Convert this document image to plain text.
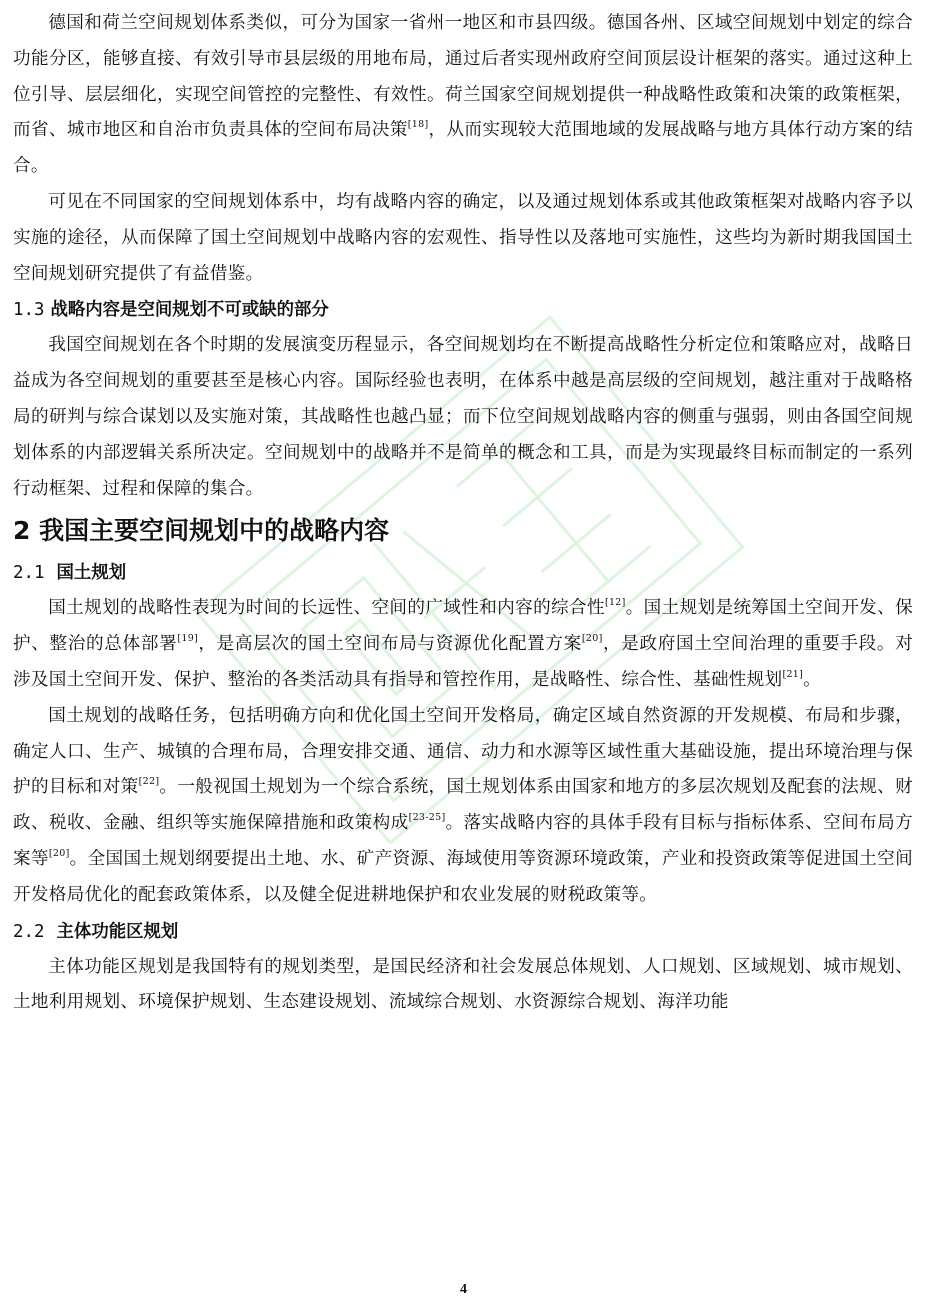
德国和荷兰空间规划体系类似，可分为国家一省州一地区和市县四级。德国各州、区域空间规划中划定的综合功能分区，能够直接、有效引导市县层级的用地布局，通过后者实现州政府空间顶层设计框架的落实。通过这种上位引导、层层细化，实现空间管控的完整性、有效性。荷兰国家空间规划提供一种战略性政策和决策的政策框架，而省、城市地区和自治市负责具体的空间布局决策[18]，从而实现较大范围地域的发展战略与地方具体行动方案的结合。

可见在不同国家的空间规划体系中，均有战略内容的确定，以及通过规划体系或其他政策框架对战略内容予以实施的途径，从而保障了国土空间规划中战略内容的宏观性、指导性以及落地可实施性，这些均为新时期我国国土空间规划研究提供了有益借鉴。

1.3 战略内容是空间规划不可或缺的部分

我国空间规划在各个时期的发展演变历程显示，各空间规划均在不断提高战略性分析定位和策略应对，战略日益成为各空间规划的重要甚至是核心内容。国际经验也表明，在体系中越是高层级的空间规划，越注重对于战略格局的研判与综合谋划以及实施对策，其战略性也越凸显；而下位空间规划战略内容的侧重与强弱，则由各国空间规划体系的内部逻辑关系所决定。空间规划中的战略并不是简单的概念和工具，而是为实现最终目标而制定的一系列行动框架、过程和保障的集合。

2 我国主要空间规划中的战略内容
2.1 国土规划

国土规划的战略性表现为时间的长远性、空间的广域性和内容的综合性[12]。国土规划是统筹国土空间开发、保护、整治的总体部署[19]，是高层次的国土空间布局与资源优化配置方案[20]，是政府国土空间治理的重要手段。对涉及国土空间开发、保护、整治的各类活动具有指导和管控作用，是战略性、综合性、基础性规划[21]。

国土规划的战略任务，包括明确方向和优化国土空间开发格局，确定区域自然资源的开发规模、布局和步骤，确定人口、生产、城镇的合理布局，合理安排交通、通信、动力和水源等区域性重大基础设施，提出环境治理与保护的目标和对策[22]。一般视国土规划为一个综合系统，国土规划体系由国家和地方的多层次规划及配套的法规、财政、税收、金融、组织等实施保障措施和政策构成[23-25]。落实战略内容的具体手段有目标与指标体系、空间布局方案等[20]。全国国土规划纲要提出土地、水、矿产资源、海域使用等资源环境政策，产业和投资政策等促进国土空间开发格局优化的配套政策体系，以及健全促进耕地保护和农业发展的财税政策等。

2.2 主体功能区规划

主体功能区规划是我国特有的规划类型，是国民经济和社会发展总体规划、人口规划、区域规划、城市规划、土地利用规划、环境保护规划、生态建设规划、流域综合规划、水资源综合规划、海洋功能

4
